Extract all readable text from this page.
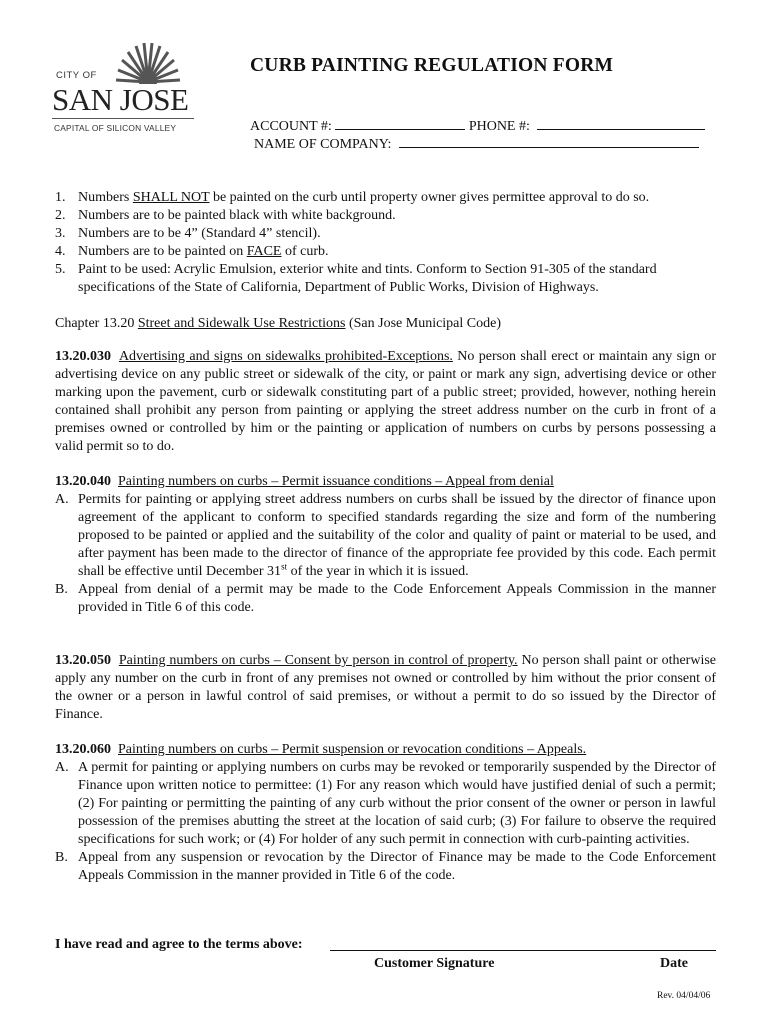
CITY OF
SAN JOSE
CAPITAL OF SILICON VALLEY
CURB PAINTING REGULATION FORM
ACCOUNT #:	PHONE #:
NAME OF COMPANY:
1. Numbers SHALL NOT be painted on the curb until property owner gives permittee approval to do so.
2. Numbers are to be painted black with white background.
3. Numbers are to be 4” (Standard 4” stencil).
4. Numbers are to be painted on FACE of curb.
5. Paint to be used: Acrylic Emulsion, exterior white and tints. Conform to Section 91-305 of the standard specifications of the State of California, Department of Public Works, Division of Highways.
Chapter 13.20 Street and Sidewalk Use Restrictions (San Jose Municipal Code)
13.20.030 Advertising and signs on sidewalks prohibited-Exceptions. No person shall erect or maintain any sign or advertising device on any public street or sidewalk of the city, or paint or mark any sign, advertising device or other marking upon the pavement, curb or sidewalk constituting part of a public street; provided, however, nothing herein contained shall prohibit any person from painting or applying the street address number on the curb in front of a premises owned or controlled by him or the painting or application of numbers on curbs by persons possessing a valid permit so to do.
13.20.040 Painting numbers on curbs – Permit issuance conditions – Appeal from denial
A. Permits for painting or applying street address numbers on curbs shall be issued by the director of finance upon agreement of the applicant to conform to specified standards regarding the size and form of the numbering proposed to be painted or applied and the suitability of the color and quality of paint or material to be used, and after payment has been made to the director of finance of the appropriate fee provided by this code. Each permit shall be effective until December 31st of the year in which it is issued.
B. Appeal from denial of a permit may be made to the Code Enforcement Appeals Commission in the manner provided in Title 6 of this code.
13.20.050 Painting numbers on curbs – Consent by person in control of property. No person shall paint or otherwise apply any number on the curb in front of any premises not owned or controlled by him without the prior consent of the owner or a person in lawful control of said premises, or without a permit to do so issued by the Director of Finance.
13.20.060 Painting numbers on curbs – Permit suspension or revocation conditions – Appeals.
A. A permit for painting or applying numbers on curbs may be revoked or temporarily suspended by the Director of Finance upon written notice to permittee: (1) For any reason which would have justified denial of such a permit; (2) For painting or permitting the painting of any curb without the prior consent of the owner or person in lawful possession of the premises abutting the street at the location of said curb; (3) For failure to observe the required specifications for such work; or (4) For holder of any such permit in connection with curb-painting activities.
B. Appeal from any suspension or revocation by the Director of Finance may be made to the Code Enforcement Appeals Commission in the manner provided in Title 6 of the code.
I have read and agree to the terms above:
Customer Signature	Date
Rev. 04/04/06
